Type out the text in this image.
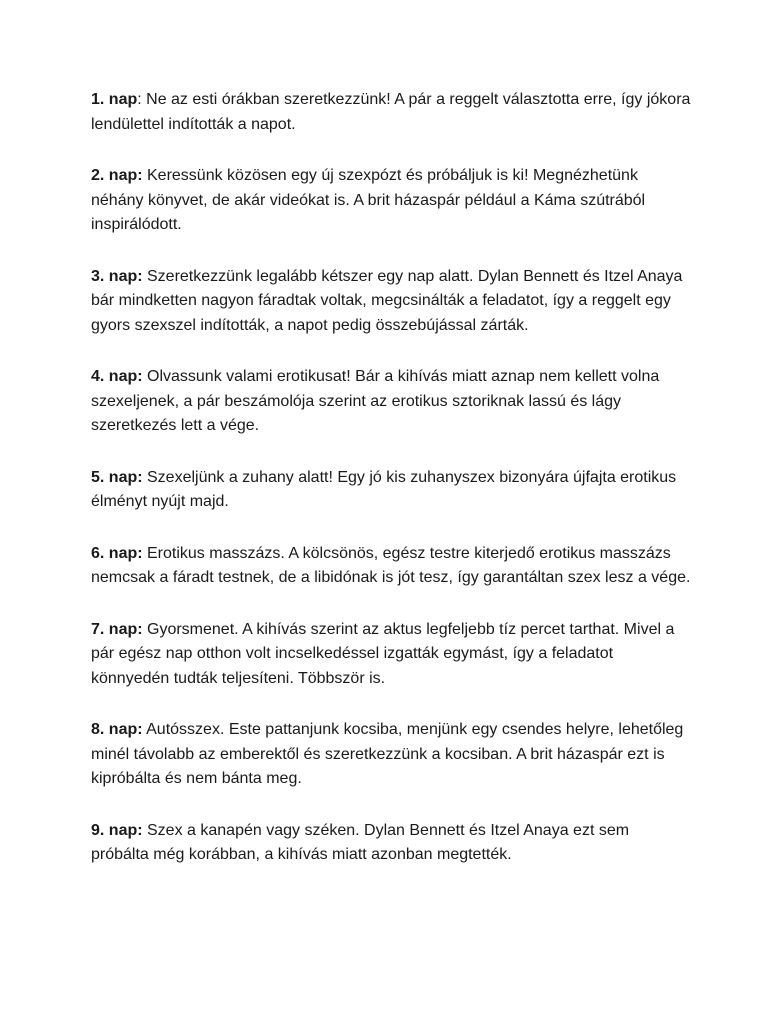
1. nap: Ne az esti órákban szeretkezzünk! A pár a reggelt választotta erre, így jókora lendülettel indították a napot.

2. nap: Keressünk közösen egy új szexpózt és próbáljuk is ki! Megnézhetünk néhány könyvet, de akár videókat is. A brit házaspár például a Káma szútrából inspirálódott.

3. nap: Szeretkezzünk legalább kétszer egy nap alatt. Dylan Bennett és Itzel Anaya bár mindketten nagyon fáradtak voltak, megcsinálták a feladatot, így a reggelt egy gyors szexszel indították, a napot pedig összebújással zárták.

4. nap: Olvassunk valami erotikusat! Bár a kihívás miatt aznap nem kellett volna szexeljenek, a pár beszámolója szerint az erotikus sztoriknak lassú és lágy szeretkezés lett a vége.

5. nap: Szexeljünk a zuhany alatt! Egy jó kis zuhanyszex bizonyára újfajta erotikus élményt nyújt majd.

6. nap: Erotikus masszázs. A kölcsönös, egész testre kiterjedő erotikus masszázs nemcsak a fáradt testnek, de a libidónak is jót tesz, így garantáltan szex lesz a vége.

7. nap: Gyorsmenet. A kihívás szerint az aktus legfeljebb tíz percet tarthat. Mivel a pár egész nap otthon volt incselkedéssel izgatták egymást, így a feladatot könnyedén tudták teljesíteni. Többször is.

8. nap: Autósszex. Este pattanjunk kocsiba, menjünk egy csendes helyre, lehetőleg minél távolabb az emberektől és szeretkezzünk a kocsiban. A brit házaspár ezt is kipróbálta és nem bánta meg.

9. nap: Szex a kanapén vagy széken. Dylan Bennett és Itzel Anaya ezt sem próbálta még korábban, a kihívás miatt azonban megtették.
